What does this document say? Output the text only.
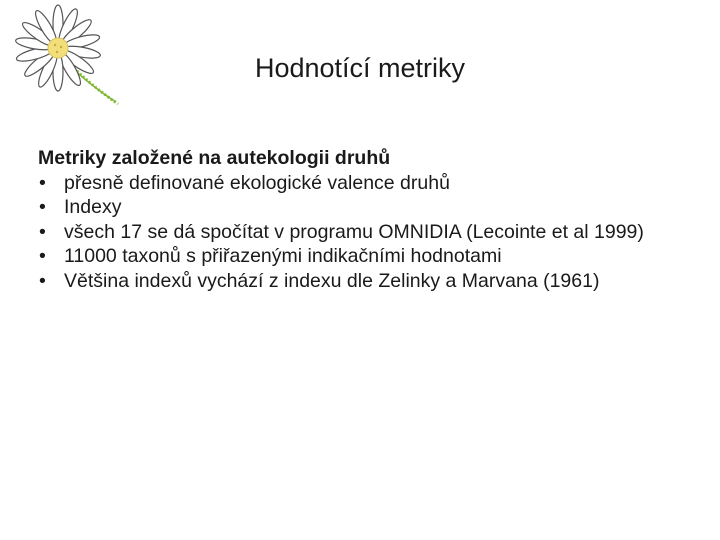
Hodnotící metriky
Metriky založené na autekologii druhů
• přesně definované ekologické valence druhů
• Indexy
• všech 17 se dá spočítat v programu OMNIDIA (Lecointe et al 1999)
• 11000 taxonů s přiřazenými indikačními hodnotami
• Většina indexů vychází z indexu dle Zelinky a Marvana (1961)
